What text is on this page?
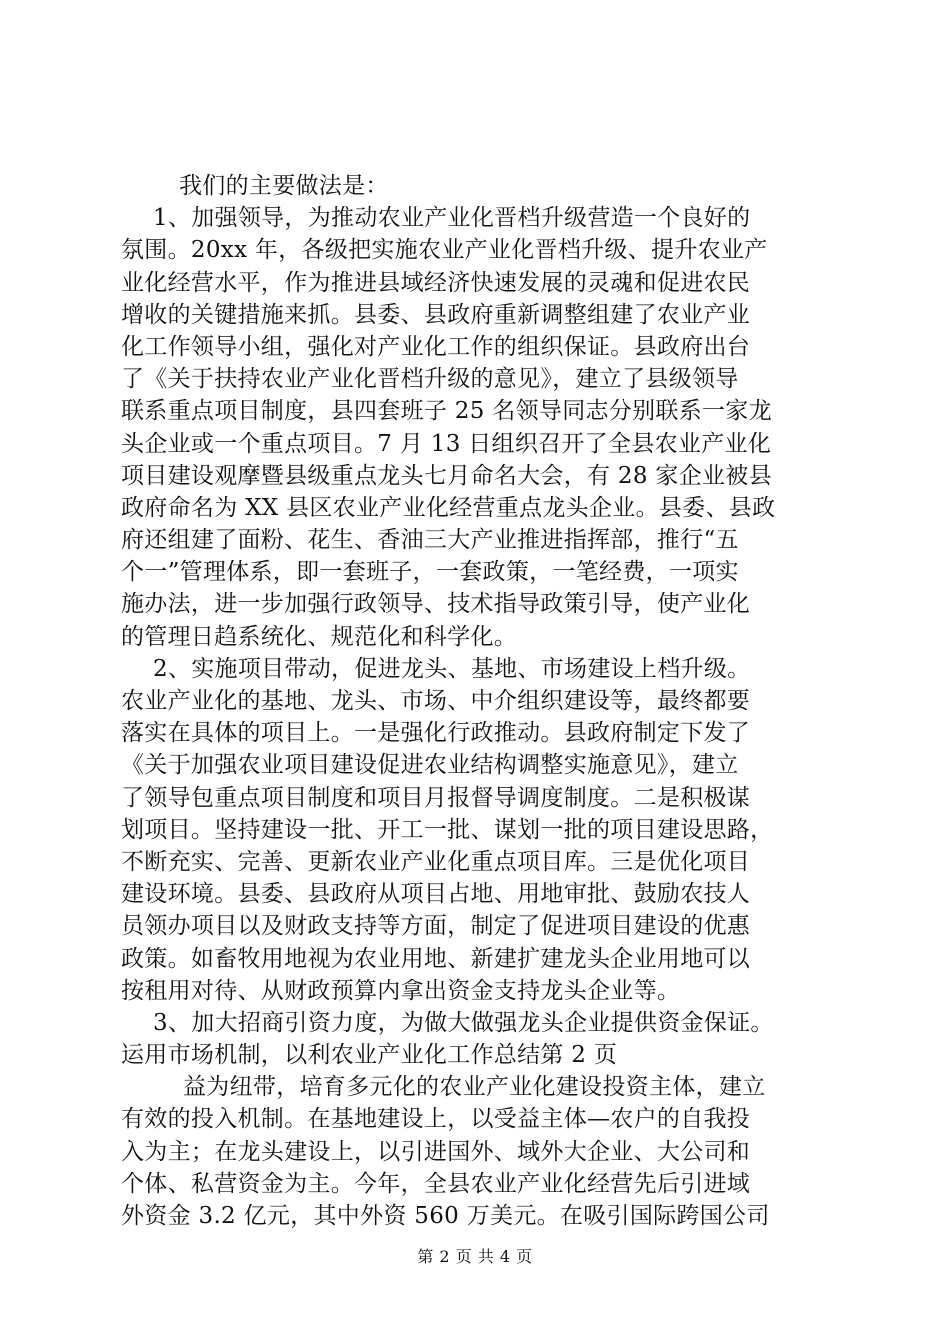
我们的主要做法是：
1、加强领导，为推动农业产业化晋档升级营造一个良好的
氛围。20xx 年，各级把实施农业产业化晋档升级、提升农业产
业化经营水平，作为推进县域经济快速发展的灵魂和促进农民
增收的关键措施来抓。县委、县政府重新调整组建了农业产业
化工作领导小组，强化对产业化工作的组织保证。县政府出台
了《关于扶持农业产业化晋档升级的意见》，建立了县级领导
联系重点项目制度，县四套班子 25 名领导同志分别联系一家龙
头企业或一个重点项目。7 月 13 日组织召开了全县农业产业化
项目建设观摩暨县级重点龙头七月命名大会，有 28 家企业被县
政府命名为 XX 县区农业产业化经营重点龙头企业。县委、县政
府还组建了面粉、花生、香油三大产业推进指挥部，推行“五
个一”管理体系，即一套班子，一套政策，一笔经费，一项实
施办法，进一步加强行政领导、技术指导政策引导，使产业化
的管理日趋系统化、规范化和科学化。
2、实施项目带动，促进龙头、基地、市场建设上档升级。
农业产业化的基地、龙头、市场、中介组织建设等，最终都要
落实在具体的项目上。一是强化行政推动。县政府制定下发了
《关于加强农业项目建设促进农业结构调整实施意见》，建立
了领导包重点项目制度和项目月报督导调度制度。二是积极谋
划项目。坚持建设一批、开工一批、谋划一批的项目建设思路，
不断充实、完善、更新农业产业化重点项目库。三是优化项目
建设环境。县委、县政府从项目占地、用地审批、鼓励农技人
员领办项目以及财政支持等方面，制定了促进项目建设的优惠
政策。如畜牧用地视为农业用地、新建扩建龙头企业用地可以
按租用对待、从财政预算内拿出资金支持龙头企业等。
3、加大招商引资力度，为做大做强龙头企业提供资金保证。
运用市场机制，以利农业产业化工作总结第 2 页
益为纽带，培育多元化的农业产业化建设投资主体，建立
有效的投入机制。在基地建设上，以受益主体—农户的自我投
入为主；在龙头建设上，以引进国外、域外大企业、大公司和
个体、私营资金为主。今年，全县农业产业化经营先后引进域
外资金 3.2 亿元，其中外资 560 万美元。在吸引国际跨国公司
第 2 页 共 4 页
